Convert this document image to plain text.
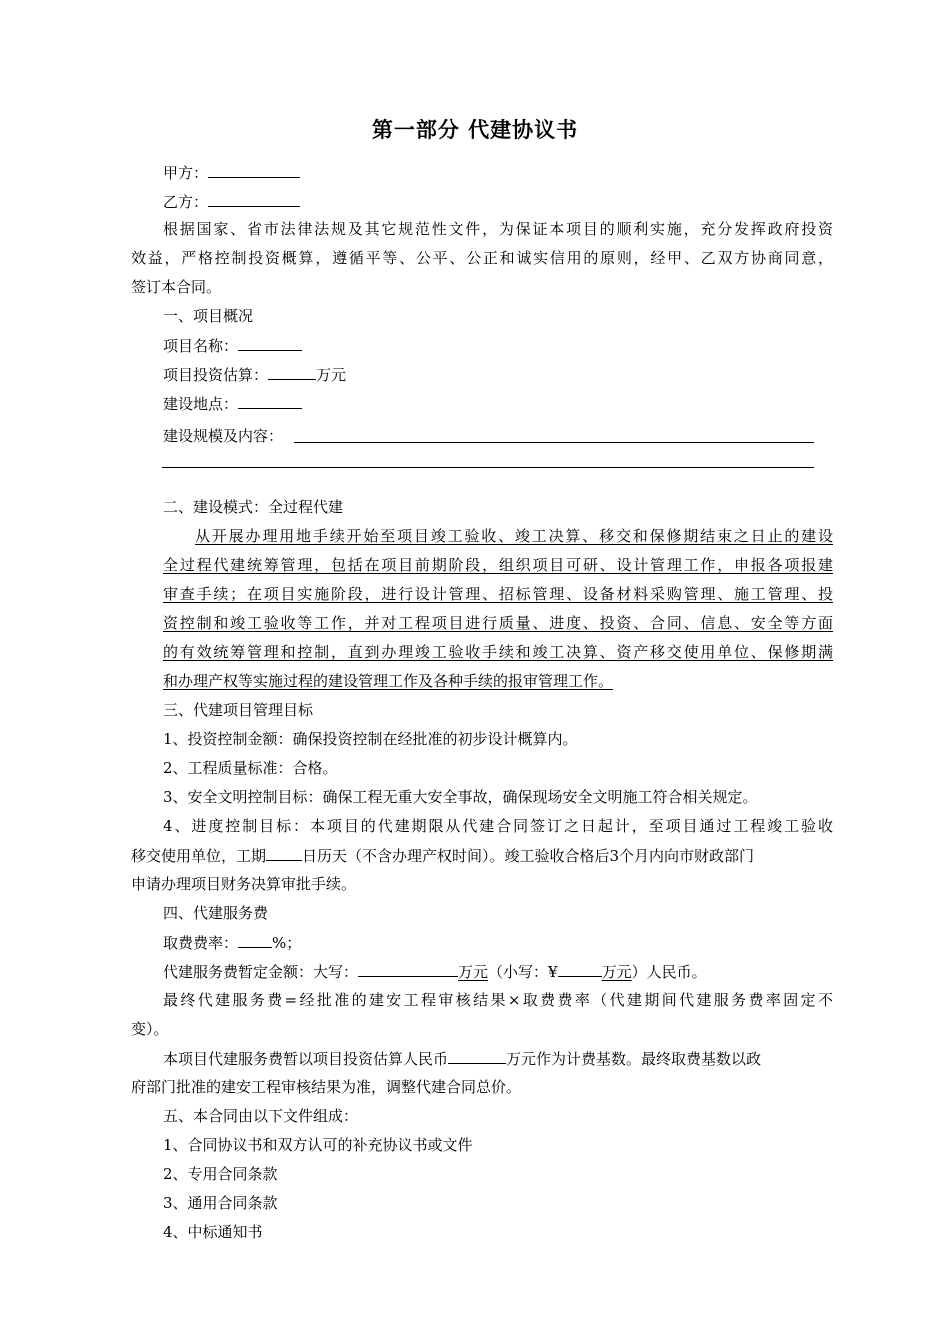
第一部分 代建协议书
甲方：
乙方：
根据国家、省市法律法规及其它规范性文件，为保证本项目的顺利实施，充分发挥政府投资
效益，严格控制投资概算，遵循平等、公平、公正和诚实信用的原则，经甲、乙双方协商同意，
签订本合同。
一、项目概况
项目名称：
项目投资估算：	万元
建设地点：
建设规模及内容：
二、建设模式：全过程代建
从开展办理用地手续开始至项目竣工验收、竣工决算、移交和保修期结束之日止的建设
全过程代建统筹管理，包括在项目前期阶段，组织项目可研、设计管理工作，申报各项报建
审查手续；在项目实施阶段，进行设计管理、招标管理、设备材料采购管理、施工管理、投
资控制和竣工验收等工作，并对工程项目进行质量、进度、投资、合同、信息、安全等方面
的有效统筹管理和控制，直到办理竣工验收手续和竣工决算、资产移交使用单位、保修期满
和办理产权等实施过程的建设管理工作及各种手续的报审管理工作。
三、代建项目管理目标
1、投资控制金额：确保投资控制在经批准的初步设计概算内。
2、工程质量标准：合格。
3、安全文明控制目标：确保工程无重大安全事故，确保现场安全文明施工符合相关规定。
4、进度控制目标：本项目的代建期限从代建合同签订之日起计，至项目通过工程竣工验收
移交使用单位，工期 日历天（不含办理产权时间）。竣工验收合格后3个月内向市财政部门
申请办理项目财务决算审批手续。
四、代建服务费
取费费率： %；
代建服务费暂定金额：大写：	万元（小写：¥	万元）人民币。
最终代建服务费=经批准的建安工程审核结果×取费费率（代建期间代建服务费率固定不
变）。
本项目代建服务费暂以项目投资估算人民币	万元作为计费基数。最终取费基数以政
府部门批准的建安工程审核结果为准，调整代建合同总价。
五、本合同由以下文件组成：
1、合同协议书和双方认可的补充协议书或文件
2、专用合同条款
3、通用合同条款
4、中标通知书
